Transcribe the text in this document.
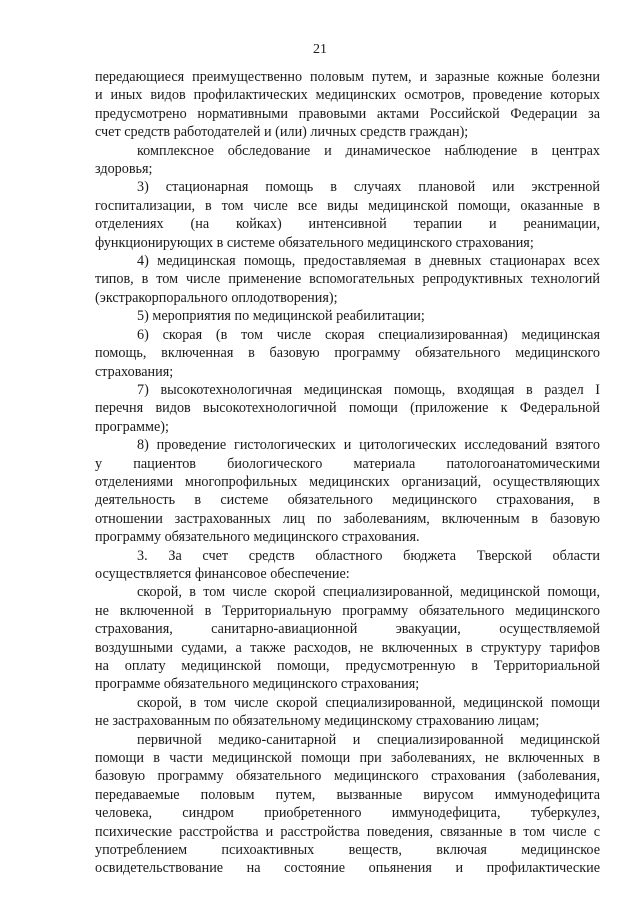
21
передающиеся преимущественно половым путем, и заразные кожные болезни
и иных видов профилактических медицинских осмотров, проведение которых
предусмотрено нормативными правовыми актами Российской Федерации за
счет средств работодателей и (или) личных средств граждан);
комплексное обследование и динамическое наблюдение в центрах
здоровья;
3) стационарная помощь в случаях плановой или экстренной
госпитализации, в том числе все виды медицинской помощи, оказанные в
отделениях (на койках) интенсивной терапии и реанимации,
функционирующих в системе обязательного медицинского страхования;
4) медицинская помощь, предоставляемая в дневных стационарах всех
типов, в том числе применение вспомогательных репродуктивных технологий
(экстракорпорального оплодотворения);
5) мероприятия по медицинской реабилитации;
6) скорая (в том числе скорая специализированная) медицинская
помощь, включенная в базовую программу обязательного медицинского
страхования;
7) высокотехнологичная медицинская помощь, входящая в раздел I
перечня видов высокотехнологичной помощи (приложение к Федеральной
программе);
8) проведение гистологических и цитологических исследований взятого
у пациентов биологического материала патологоанатомическими
отделениями многопрофильных медицинских организаций, осуществляющих
деятельность в системе обязательного медицинского страхования, в
отношении застрахованных лиц по заболеваниям, включенным в базовую
программу обязательного медицинского страхования.
3. За счет средств областного бюджета Тверской области
осуществляется финансовое обеспечение:
скорой, в том числе скорой специализированной, медицинской помощи,
не включенной в Территориальную программу обязательного медицинского
страхования, санитарно-авиационной эвакуации, осуществляемой
воздушными судами, а также расходов, не включенных в структуру тарифов
на оплату медицинской помощи, предусмотренную в Территориальной
программе обязательного медицинского страхования;
скорой, в том числе скорой специализированной, медицинской помощи
не застрахованным по обязательному медицинскому страхованию лицам;
первичной медико-санитарной и специализированной медицинской
помощи в части медицинской помощи при заболеваниях, не включенных в
базовую программу обязательного медицинского страхования (заболевания,
передаваемые половым путем, вызванные вирусом иммунодефицита
человека, синдром приобретенного иммунодефицита, туберкулез,
психические расстройства и расстройства поведения, связанные в том числе с
употреблением психоактивных веществ, включая медицинское
освидетельствование на состояние опьянения и профилактические
